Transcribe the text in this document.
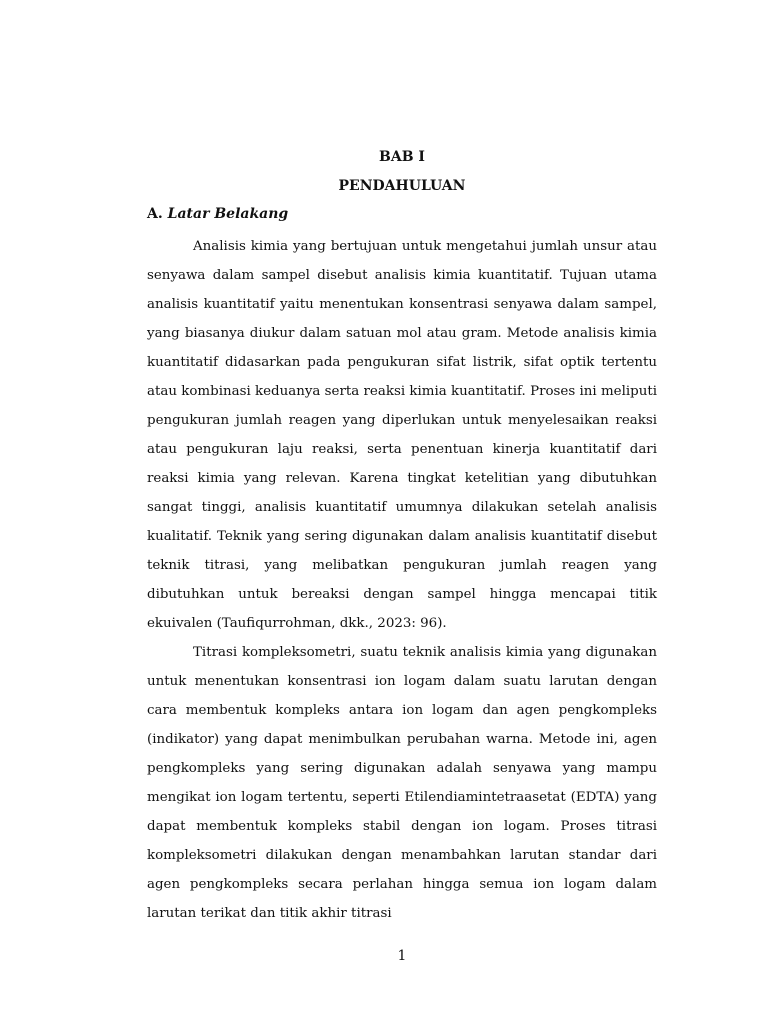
BAB I
PENDAHULUAN
A. Latar Belakang

Analisis kimia yang bertujuan untuk mengetahui jumlah unsur atau senyawa dalam sampel disebut analisis kimia kuantitatif. Tujuan utama analisis kuantitatif yaitu menentukan konsentrasi senyawa dalam sampel, yang biasanya diukur dalam satuan mol atau gram. Metode analisis kimia kuantitatif didasarkan pada pengukuran sifat listrik, sifat optik tertentu atau kombinasi keduanya serta reaksi kimia kuantitatif. Proses ini meliputi pengukuran jumlah reagen yang diperlukan untuk menyelesaikan reaksi atau pengukuran laju reaksi, serta penentuan kinerja kuantitatif dari reaksi kimia yang relevan. Karena tingkat ketelitian yang dibutuhkan sangat tinggi, analisis kuantitatif umumnya dilakukan setelah analisis kualitatif. Teknik yang sering digunakan dalam analisis kuantitatif disebut teknik titrasi, yang melibatkan pengukuran jumlah reagen yang dibutuhkan untuk bereaksi dengan sampel hingga mencapai titik ekuivalen (Taufiqurrohman, dkk., 2023: 96).

Titrasi kompleksometri, suatu teknik analisis kimia yang digunakan untuk menentukan konsentrasi ion logam dalam suatu larutan dengan cara membentuk kompleks antara ion logam dan agen pengkompleks (indikator) yang dapat menimbulkan perubahan warna. Metode ini, agen pengkompleks yang sering digunakan adalah senyawa yang mampu mengikat ion logam tertentu, seperti Etilendiamintetraasetat (EDTA) yang dapat membentuk kompleks stabil dengan ion logam. Proses titrasi kompleksometri dilakukan dengan menambahkan larutan standar dari agen pengkompleks secara perlahan hingga semua ion logam dalam larutan terikat dan titik akhir titrasi

1
